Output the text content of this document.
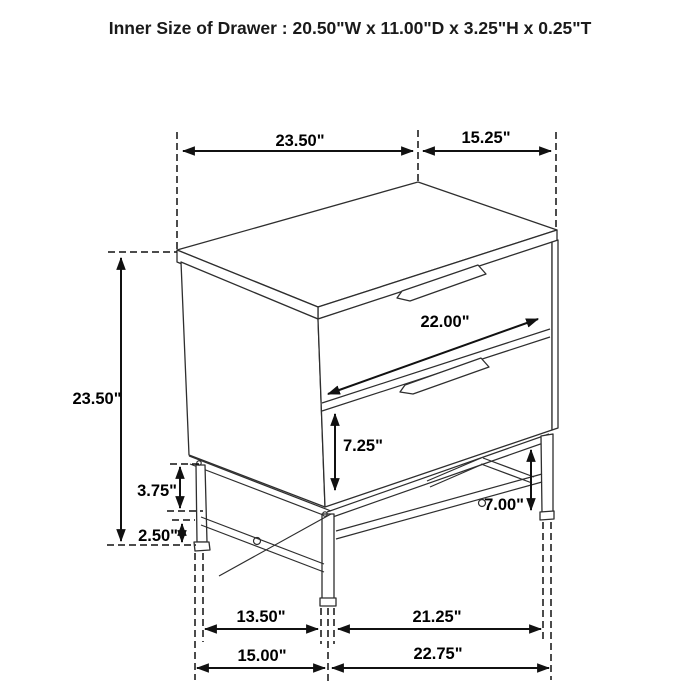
Inner Size of Drawer : 20.50"W x 11.00"D x 3.25"H x 0.25"T
23.50"	15.25"
23.50"
22.00"
7.25"
3.75"
2.50"
7.00"
13.50"	21.25"
15.00"	22.75"
